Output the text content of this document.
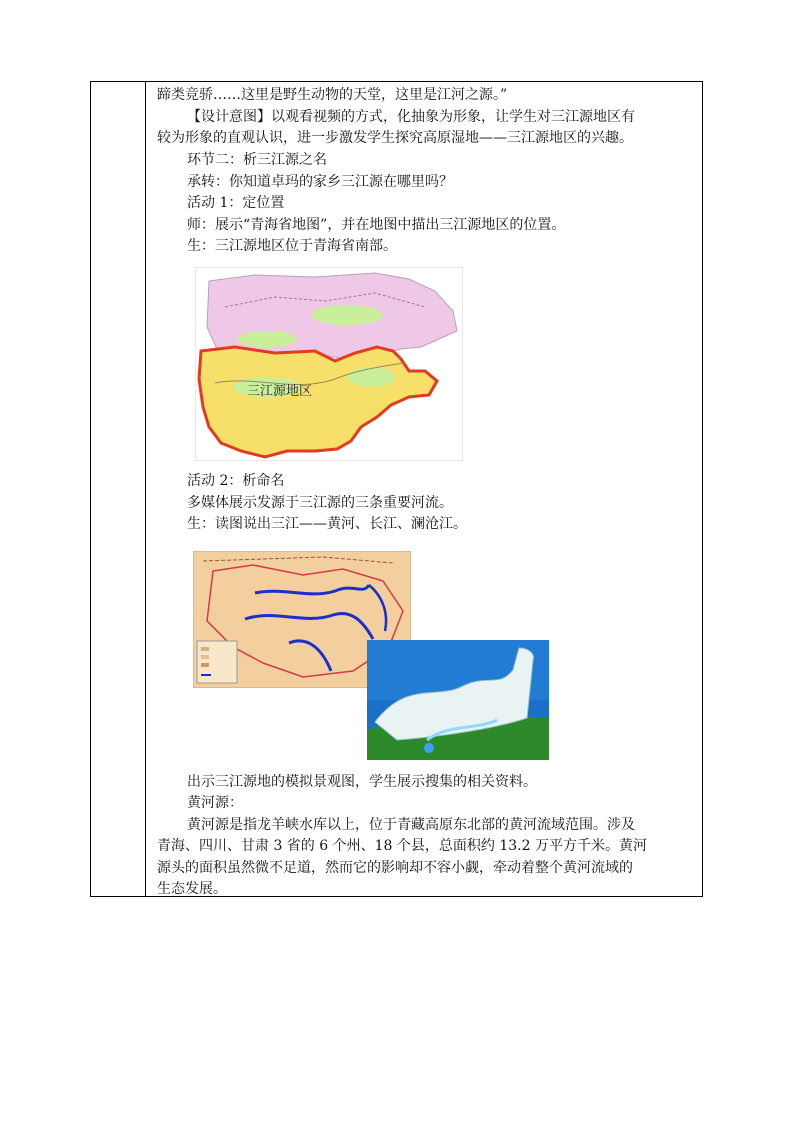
蹄类竞骄……这里是野生动物的天堂，这里是江河之源。”
【设计意图】以观看视频的方式，化抽象为形象，让学生对三江源地区有
较为形象的直观认识，进一步激发学生探究高原湿地——三江源地区的兴趣。
环节二：析三江源之名
承转：你知道卓玛的家乡三江源在哪里吗？
活动 1：定位置
师：展示“青海省地图”，并在地图中描出三江源地区的位置。
生：三江源地区位于青海省南部。
三江源地区
活动 2：析命名
多媒体展示发源于三江源的三条重要河流。
生：读图说出三江——黄河、长江、澜沧江。
出示三江源地的模拟景观图，学生展示搜集的相关资料。
黄河源：
黄河源是指龙羊峡水库以上，位于青藏高原东北部的黄河流域范围。涉及
青海、四川、甘肃 3 省的 6 个州、18 个县，总面积约 13.2 万平方千米。黄河
源头的面积虽然微不足道，然而它的影响却不容小觑，牵动着整个黄河流域的
生态发展。
